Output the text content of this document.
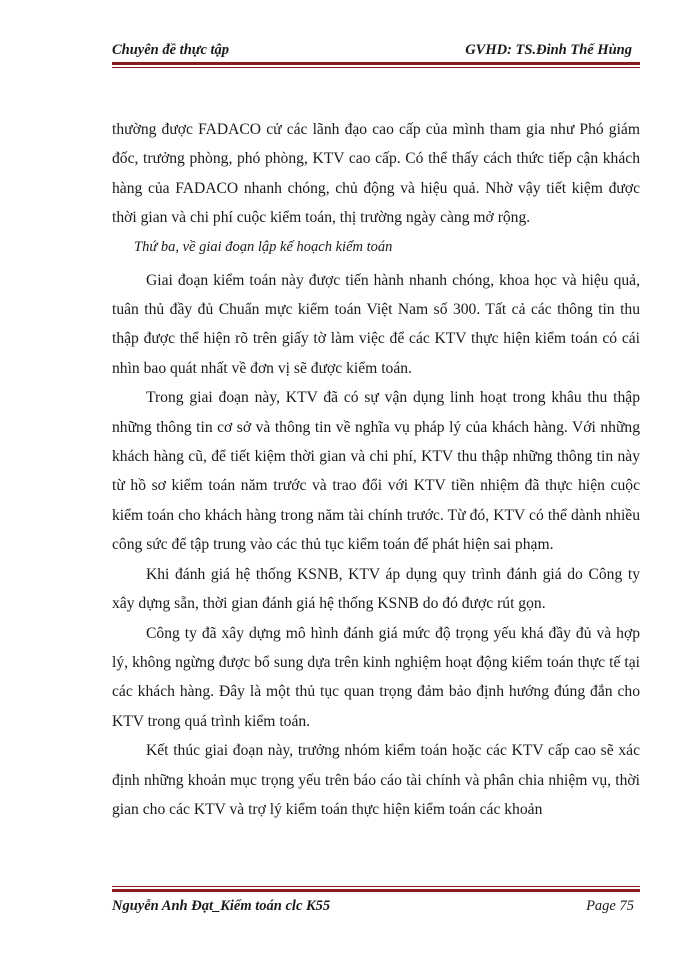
Chuyên đề thực tập	GVHD: TS.Đinh Thế Hùng

thường được FADACO cử các lãnh đạo cao cấp của mình tham gia như Phó giám đốc, trưởng phòng, phó phòng, KTV cao cấp. Có thể thấy cách thức tiếp cận khách hàng của FADACO nhanh chóng, chủ động và hiệu quả. Nhờ vậy tiết kiệm được thời gian và chi phí cuộc kiểm toán, thị trường ngày càng mở rộng.

Thứ ba, về giai đoạn lập kế hoạch kiểm toán

Giai đoạn kiểm toán này được tiến hành nhanh chóng, khoa học và hiệu quả, tuân thủ đầy đủ Chuẩn mực kiểm toán Việt Nam số 300. Tất cả các thông tin thu thập được thể hiện rõ trên giấy tờ làm việc để các KTV thực hiện kiểm toán có cái nhìn bao quát nhất về đơn vị sẽ được kiểm toán.

Trong giai đoạn này, KTV đã có sự vận dụng linh hoạt trong khâu thu thập những thông tin cơ sở và thông tin về nghĩa vụ pháp lý của khách hàng. Với những khách hàng cũ, để tiết kiệm thời gian và chi phí, KTV thu thập những thông tin này từ hồ sơ kiểm toán năm trước và trao đổi với KTV tiền nhiệm đã thực hiện cuộc kiểm toán cho khách hàng trong năm tài chính trước. Từ đó, KTV có thể dành nhiều công sức để tập trung vào các thủ tục kiểm toán để phát hiện sai phạm.

Khi đánh giá hệ thống KSNB, KTV áp dụng quy trình đánh giá do Công ty xây dựng sẵn, thời gian đánh giá hệ thống KSNB do đó được rút gọn.

Công ty đã xây dựng mô hình đánh giá mức độ trọng yếu khá đầy đủ và hợp lý, không ngừng được bổ sung dựa trên kinh nghiệm hoạt động kiểm toán thực tế tại các khách hàng. Đây là một thủ tục quan trọng đảm bảo định hướng đúng đắn cho KTV trong quá trình kiểm toán.

Kết thúc giai đoạn này, trưởng nhóm kiểm toán hoặc các KTV cấp cao sẽ xác định những khoản mục trọng yếu trên báo cáo tài chính và phân chia nhiệm vụ, thời gian cho các KTV và trợ lý kiểm toán thực hiện kiểm toán các khoản

Nguyễn Anh Đạt_Kiểm toán clc K55	Page 75
